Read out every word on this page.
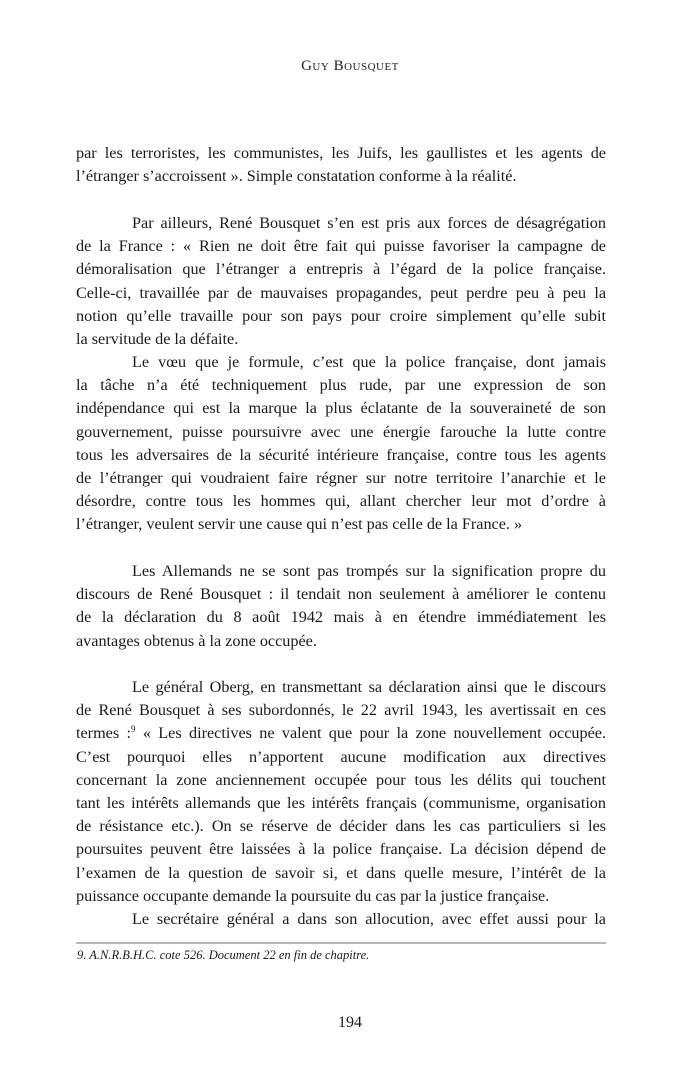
Guy Bousquet
par les terroristes, les communistes, les Juifs, les gaullistes et les agents de
l’étranger s’accroissent ». Simple constatation conforme à la réalité.
Par ailleurs, René Bousquet s’en est pris aux forces de désagrégation
de la France : « Rien ne doit être fait qui puisse favoriser la campagne de
démoralisation que l’étranger a entrepris à l’égard de la police française.
Celle-ci, travaillée par de mauvaises propagandes, peut perdre peu à peu la
notion qu’elle travaille pour son pays pour croire simplement qu’elle subit
la servitude de la défaite.
Le vœu que je formule, c’est que la police française, dont jamais
la tâche n’a été techniquement plus rude, par une expression de son
indépendance qui est la marque la plus éclatante de la souveraineté de son
gouvernement, puisse poursuivre avec une énergie farouche la lutte contre
tous les adversaires de la sécurité intérieure française, contre tous les agents
de l’étranger qui voudraient faire régner sur notre territoire l’anarchie et le
désordre, contre tous les hommes qui, allant chercher leur mot d’ordre à
l’étranger, veulent servir une cause qui n’est pas celle de la France. »
Les Allemands ne se sont pas trompés sur la signification propre du
discours de René Bousquet : il tendait non seulement à améliorer le contenu
de la déclaration du 8 août 1942 mais à en étendre immédiatement les
avantages obtenus à la zone occupée.
Le général Oberg, en transmettant sa déclaration ainsi que le discours
de René Bousquet à ses subordonnés, le 22 avril 1943, les avertissait en ces
termes :$^9$ « Les directives ne valent que pour la zone nouvellement occupée.
C’est pourquoi elles n’apportent aucune modification aux directives
concernant la zone anciennement occupée pour tous les délits qui touchent
tant les intérêts allemands que les intérêts français (communisme, organisation
de résistance etc.). On se réserve de décider dans les cas particuliers si les
poursuites peuvent être laissées à la police française. La décision dépend de
l’examen de la question de savoir si, et dans quelle mesure, l’intérêt de la
puissance occupante demande la poursuite du cas par la justice française.
Le secrétaire général a dans son allocution, avec effet aussi pour la
9. A.N.R.B.H.C. cote 526. Document 22 en fin de chapitre.
194
